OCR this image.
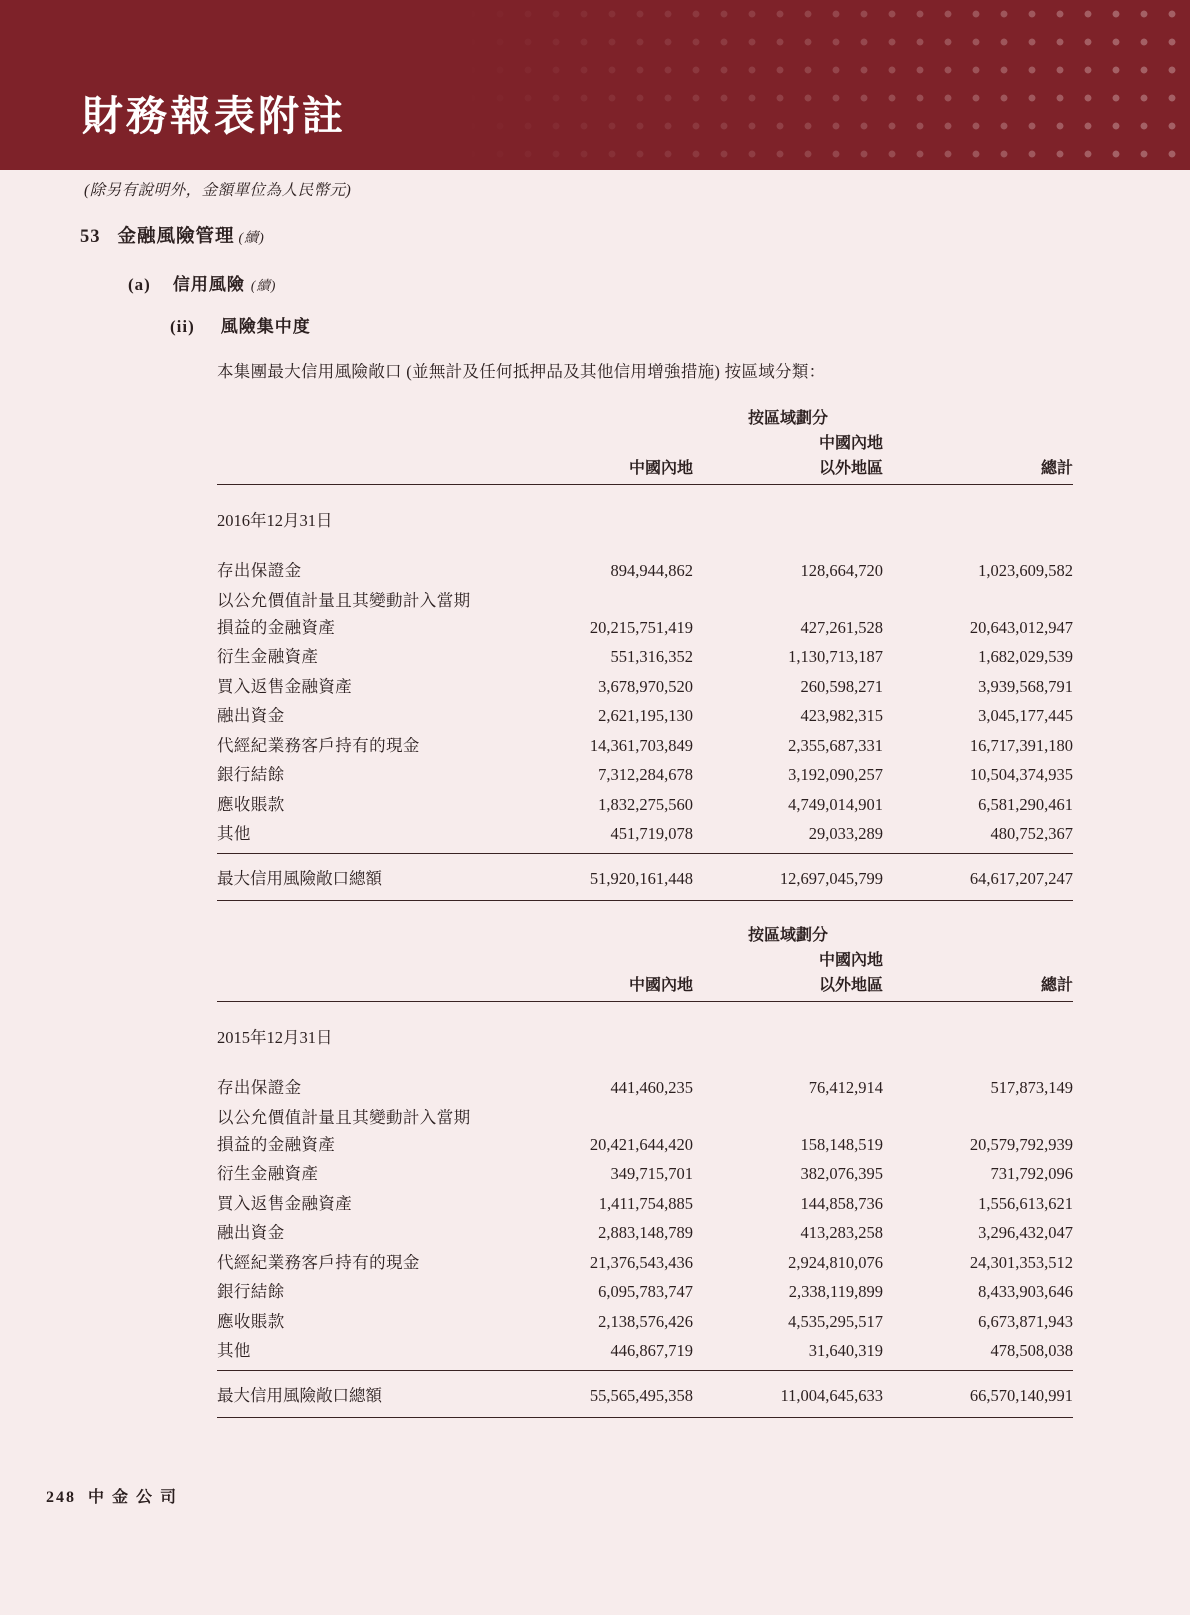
財務報表附註
(除另有說明外，金額單位為人民幣元)
53 金融風險管理 (續)
(a) 信用風險 (續)
(ii) 風險集中度
本集團最大信用風險敞口 (並無計及任何抵押品及其他信用增強措施) 按區域分類：
		按區域劃分	
		中國內地	
	中國內地	以外地區	總計

2016年12月31日			
存出保證金	894,944,862	128,664,720	1,023,609,582
以公允價值計量且其變動計入當期			
損益的金融資產	20,215,751,419	427,261,528	20,643,012,947
衍生金融資產	551,316,352	1,130,713,187	1,682,029,539
買入返售金融資產	3,678,970,520	260,598,271	3,939,568,791
融出資金	2,621,195,130	423,982,315	3,045,177,445
代經紀業務客戶持有的現金	14,361,703,849	2,355,687,331	16,717,391,180
銀行結餘	7,312,284,678	3,192,090,257	10,504,374,935
應收賬款	1,832,275,560	4,749,014,901	6,581,290,461
其他	451,719,078	29,033,289	480,752,367
最大信用風險敞口總額	51,920,161,448	12,697,045,799	64,617,207,247
		按區域劃分	
		中國內地	
	中國內地	以外地區	總計

2015年12月31日			
存出保證金	441,460,235	76,412,914	517,873,149
以公允價值計量且其變動計入當期			
損益的金融資產	20,421,644,420	158,148,519	20,579,792,939
衍生金融資產	349,715,701	382,076,395	731,792,096
買入返售金融資產	1,411,754,885	144,858,736	1,556,613,621
融出資金	2,883,148,789	413,283,258	3,296,432,047
代經紀業務客戶持有的現金	21,376,543,436	2,924,810,076	24,301,353,512
銀行結餘	6,095,783,747	2,338,119,899	8,433,903,646
應收賬款	2,138,576,426	4,535,295,517	6,673,871,943
其他	446,867,719	31,640,319	478,508,038
最大信用風險敞口總額	55,565,495,358	11,004,645,633	66,570,140,991
248 中 金 公 司
